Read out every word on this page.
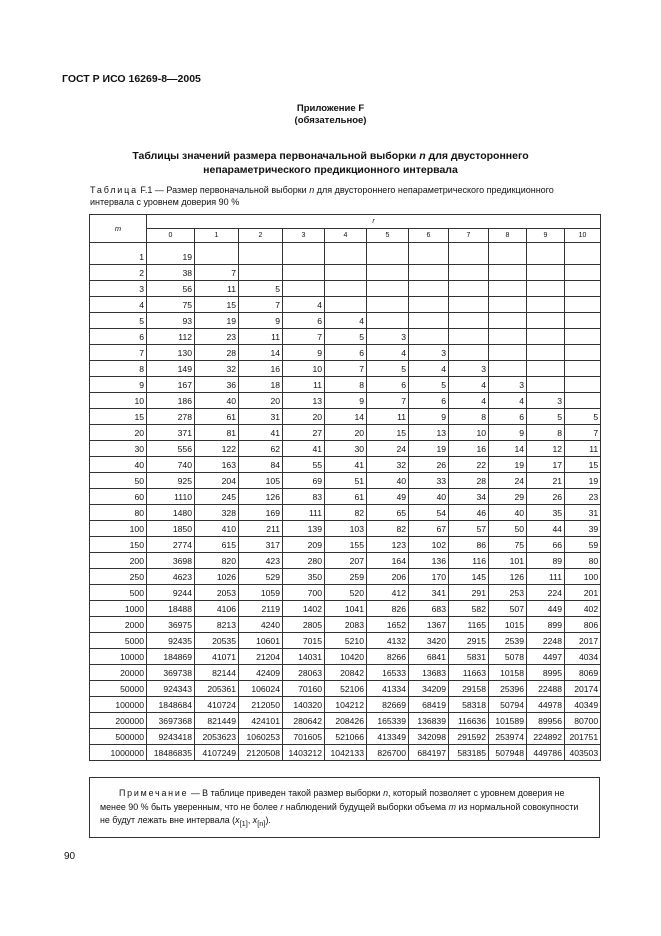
ГОСТ Р ИСО 16269-8—2005
Приложение F
(обязательное)
Таблицы значений размера первоначальной выборки n для двустороннего
непараметрического предикционного интервала
Таблица F.1 — Размер первоначальной выборки n для двустороннего непараметрического предикционного интервала с уровнем доверия 90 %
m	r										
	0	1	2	3	4	5	6	7	8	9	10

1	19										
2	38	7									
3	56	11	5								
4	75	15	7	4							
5	93	19	9	6	4						
6	112	23	11	7	5	3					
7	130	28	14	9	6	4	3				
8	149	32	16	10	7	5	4	3			
9	167	36	18	11	8	6	5	4	3		
10	186	40	20	13	9	7	6	4	4	3	
15	278	61	31	20	14	11	9	8	6	5	5
20	371	81	41	27	20	15	13	10	9	8	7
30	556	122	62	41	30	24	19	16	14	12	11
40	740	163	84	55	41	32	26	22	19	17	15
50	925	204	105	69	51	40	33	28	24	21	19
60	1110	245	126	83	61	49	40	34	29	26	23
80	1480	328	169	111	82	65	54	46	40	35	31
100	1850	410	211	139	103	82	67	57	50	44	39
150	2774	615	317	209	155	123	102	86	75	66	59
200	3698	820	423	280	207	164	136	116	101	89	80
250	4623	1026	529	350	259	206	170	145	126	111	100
500	9244	2053	1059	700	520	412	341	291	253	224	201
1000	18488	4106	2119	1402	1041	826	683	582	507	449	402
2000	36975	8213	4240	2805	2083	1652	1367	1165	1015	899	806
5000	92435	20535	10601	7015	5210	4132	3420	2915	2539	2248	2017
10000	184869	41071	21204	14031	10420	8266	6841	5831	5078	4497	4034
20000	369738	82144	42409	28063	20842	16533	13683	11663	10158	8995	8069
50000	924343	205361	106024	70160	52106	41334	34209	29158	25396	22488	20174
100000	1848684	410724	212050	140320	104212	82669	68419	58318	50794	44978	40349
200000	3697368	821449	424101	280642	208426	165339	136839	116636	101589	89956	80700
500000	9243418	2053623	1060253	701605	521066	413349	342098	291592	253974	224892	201751
1000000	18486835	4107249	2120508	1403212	1042133	826700	684197	583185	507948	449786	403503
Примечание — В таблице приведен такой размер выборки n, который позволяет с уровнем доверия не менее 90 % быть уверенным, что не более r наблюдений будущей выборки объема m из нормальной совокупности не будут лежать вне интервала ($x_{[1]}$, $x_{[n]}$).
90
